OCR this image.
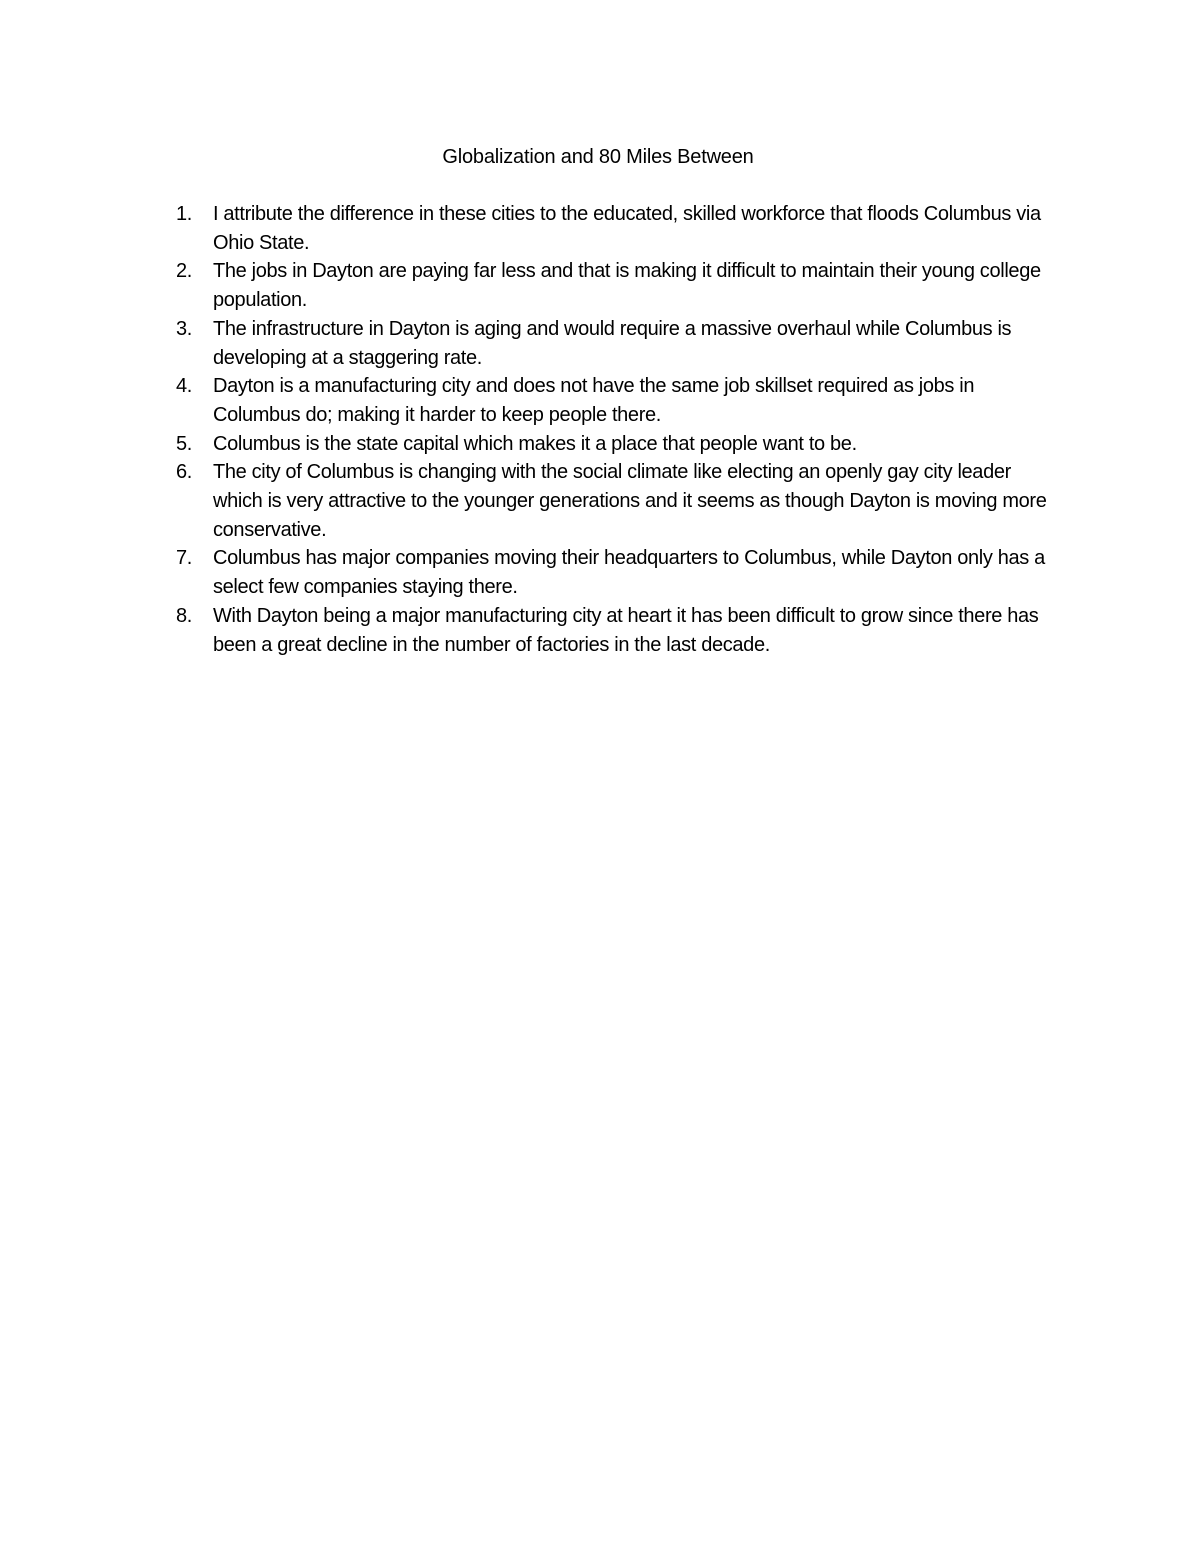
Globalization and 80 Miles Between
1.	I attribute the difference in these cities to the educated, skilled workforce that floods Columbus via Ohio State.
2.	The jobs in Dayton are paying far less and that is making it difficult to maintain their young college population.
3.	The infrastructure in Dayton is aging and would require a massive overhaul while Columbus is developing at a staggering rate.
4.	Dayton is a manufacturing city and does not have the same job skillset required as jobs in Columbus do; making it harder to keep people there.
5.	Columbus is the state capital which makes it a place that people want to be.
6.	The city of Columbus is changing with the social climate like electing an openly gay city leader which is very attractive to the younger generations and it seems as though Dayton is moving more conservative.
7.	Columbus has major companies moving their headquarters to Columbus, while Dayton only has a select few companies staying there.
8.	With Dayton being a major manufacturing city at heart it has been difficult to grow since there has been a great decline in the number of factories in the last decade.
